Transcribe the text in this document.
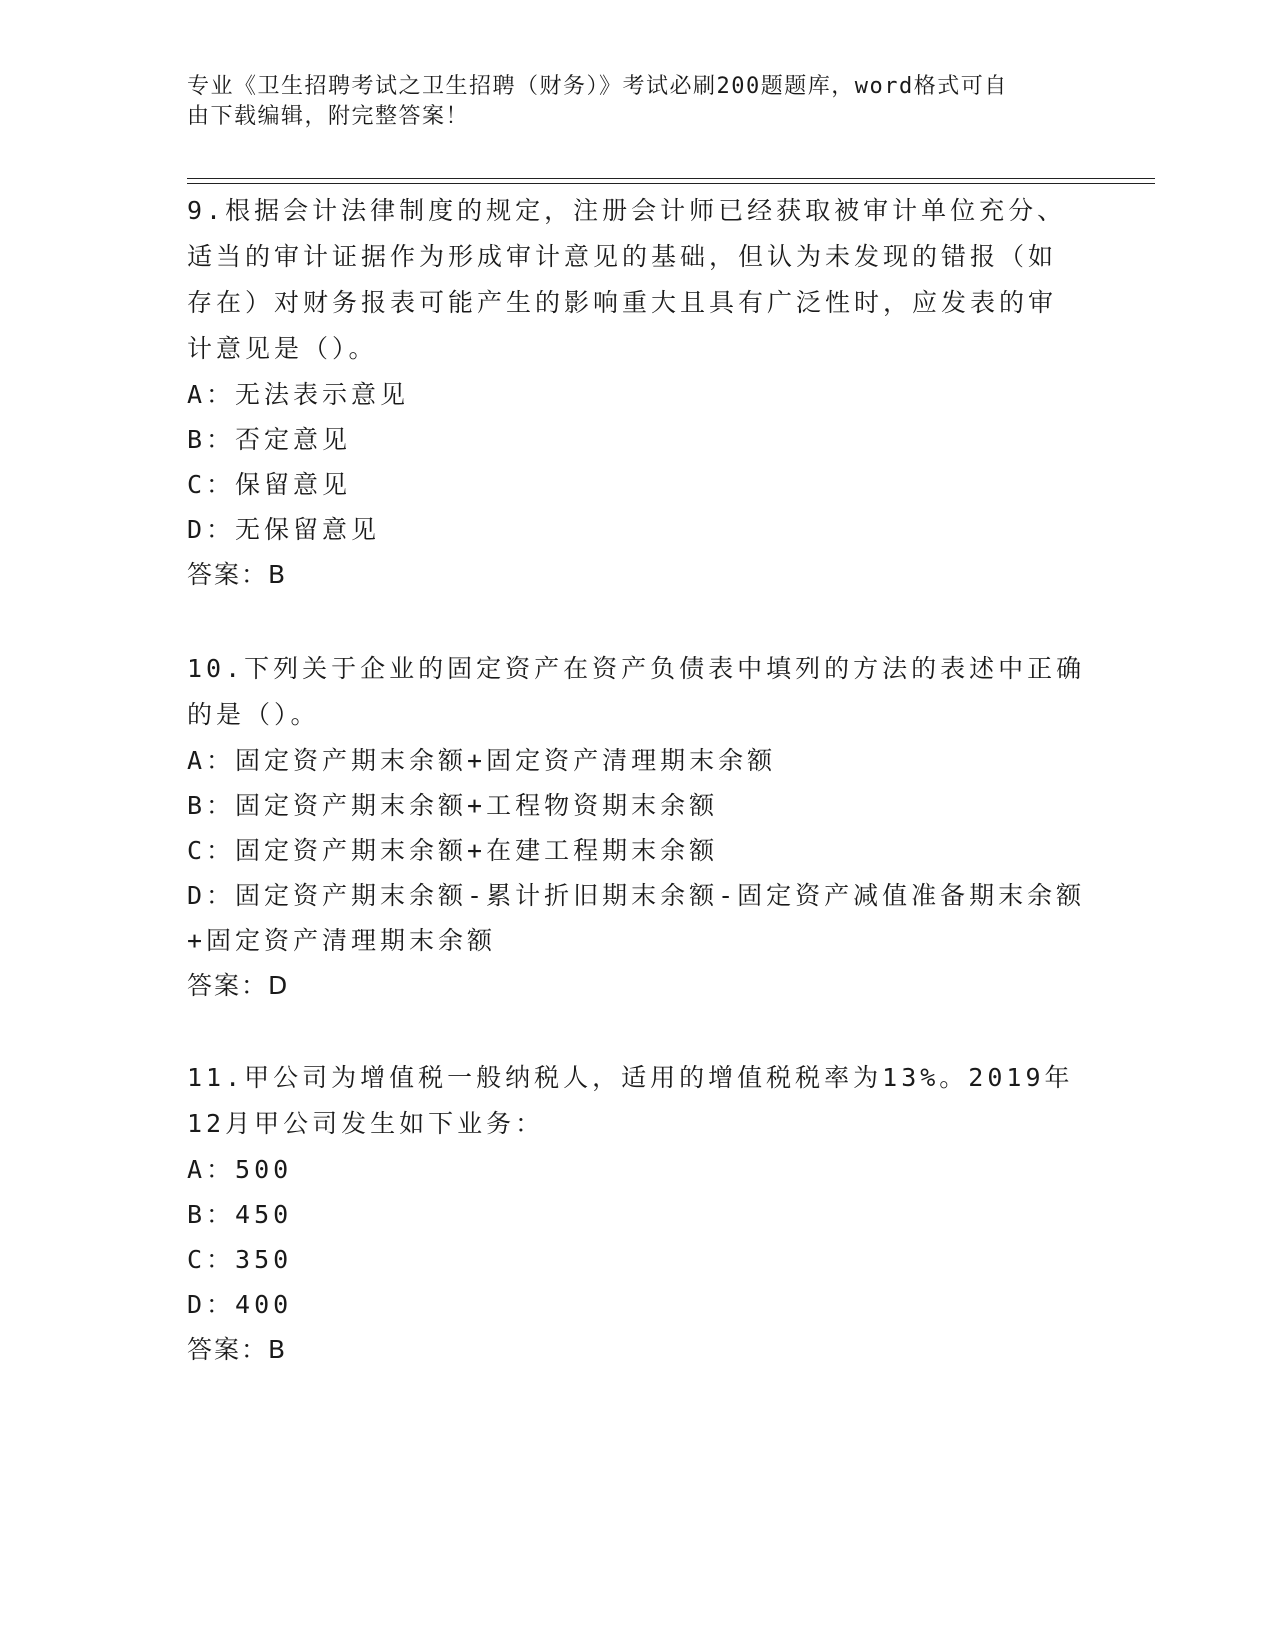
专业《卫生招聘考试之卫生招聘（财务）》考试必刷200题题库，word格式可自
由下载编辑，附完整答案！
9.根据会计法律制度的规定，注册会计师已经获取被审计单位充分、
适当的审计证据作为形成审计意见的基础，但认为未发现的错报（如
存在）对财务报表可能产生的影响重大且具有广泛性时，应发表的审
计意见是（）。
A：无法表示意见
B：否定意见
C：保留意见
D：无保留意见
答案：B
10.下列关于企业的固定资产在资产负债表中填列的方法的表述中正确
的是（）。
A：固定资产期末余额+固定资产清理期末余额
B：固定资产期末余额+工程物资期末余额
C：固定资产期末余额+在建工程期末余额
D：固定资产期末余额-累计折旧期末余额-固定资产减值准备期末余额
+固定资产清理期末余额
答案：D
11.甲公司为增值税一般纳税人，适用的增值税税率为13%。2019年
12月甲公司发生如下业务：
A：500
B：450
C：350
D：400
答案：B
